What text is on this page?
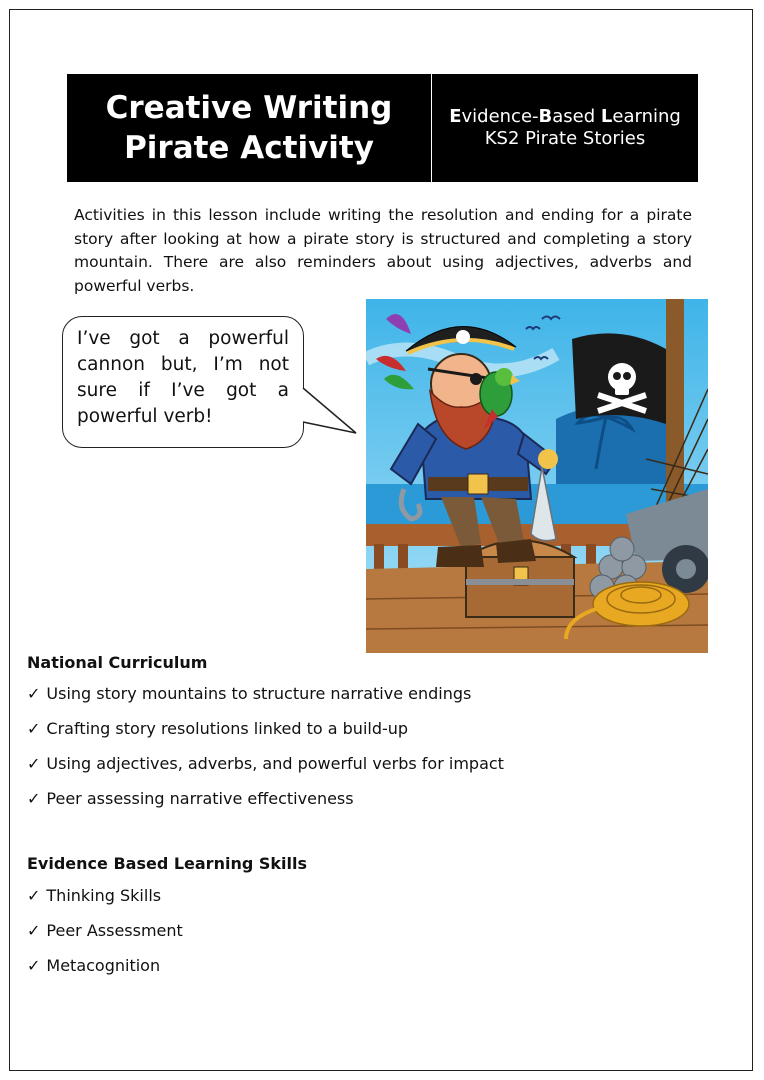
Creative Writing
Pirate Activity
Evidence-Based Learning
KS2 Pirate Stories
Activities in this lesson include writing the resolution and ending for a pirate story after looking at how a pirate story is structured and completing a story mountain. There are also reminders about using adjectives, adverbs and powerful verbs.
I’ve got a powerful cannon but, I’m not sure if I’ve got a powerful verb!
National Curriculum
✓ Using story mountains to structure narrative endings
✓ Crafting story resolutions linked to a build-up
✓ Using adjectives, adverbs, and powerful verbs for impact
✓ Peer assessing narrative effectiveness
Evidence Based Learning Skills
✓ Thinking Skills
✓ Peer Assessment
✓ Metacognition
